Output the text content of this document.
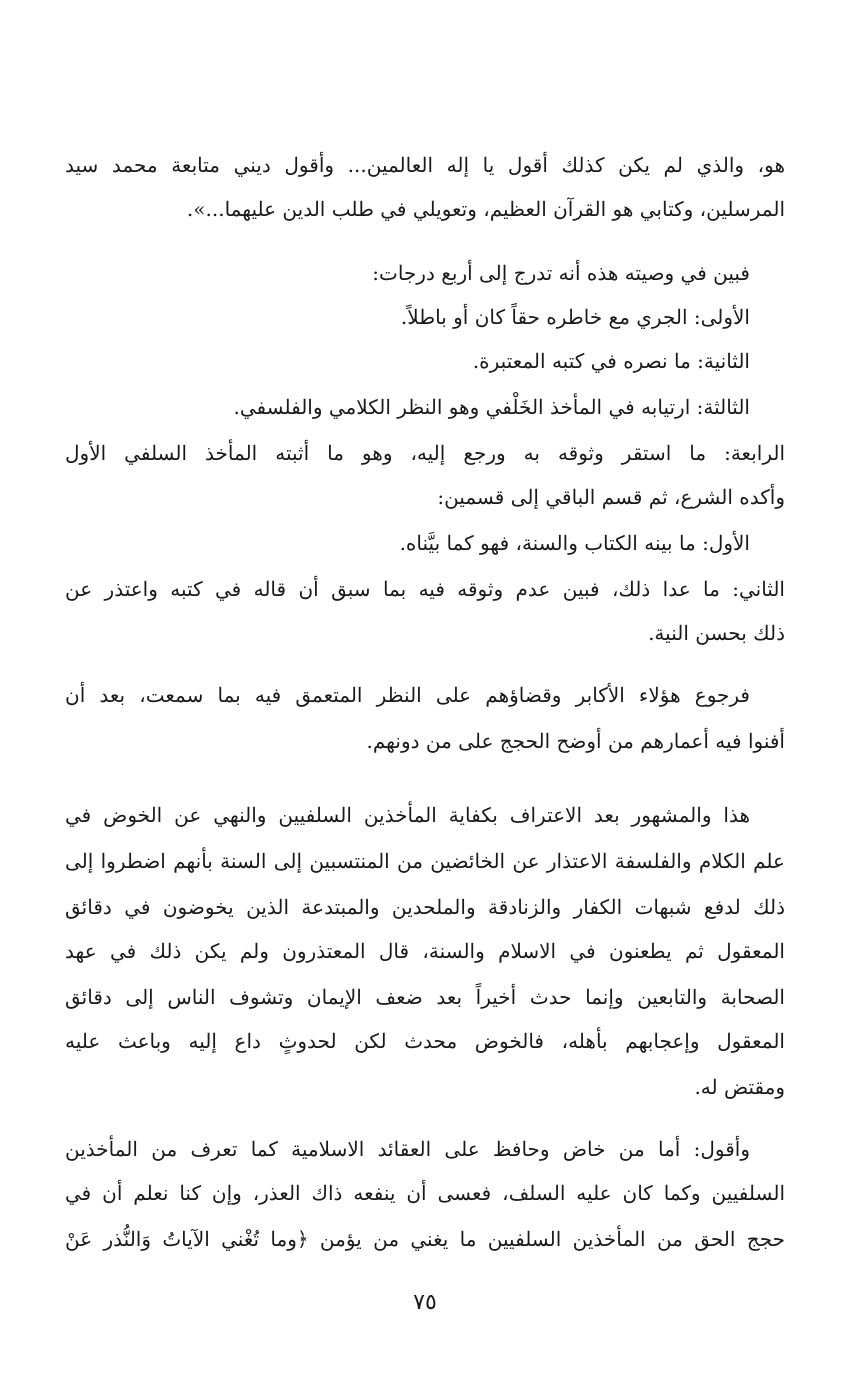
هو، والذي لم يكن كذلك أقول يا إله العالمين... وأقول ديني متابعة محمد سيد
المرسلين، وكتابي هو القرآن العظيم، وتعويلي في طلب الدين عليهما...».
فبين في وصيته هذه أنه تدرج إلى أربع درجات:
الأولى: الجري مع خاطره حقاً كان أو باطلاً.
الثانية: ما نصره في كتبه المعتبرة.
الثالثة: ارتيابه في المأخذ الخَلْفي وهو النظر الكلامي والفلسفي.
الرابعة: ما استقر وثوقه به ورجع إليه، وهو ما أثبته المأخذ السلفي الأول
وأكده الشرع، ثم قسم الباقي إلى قسمين:
الأول: ما بينه الكتاب والسنة، فهو كما بيَّناه.
الثاني: ما عدا ذلك، فبين عدم وثوقه فيه بما سبق أن قاله في كتبه واعتذر عن
ذلك بحسن النية.
فرجوع هؤلاء الأكابر وقضاؤهم على النظر المتعمق فيه بما سمعت، بعد أن
أفنوا فيه أعمارهم من أوضح الحجج على من دونهم.
هذا والمشهور بعد الاعتراف بكفاية المأخذين السلفيين والنهي عن الخوض في
علم الكلام والفلسفة الاعتذار عن الخائضين من المنتسبين إلى السنة بأنهم اضطروا إلى
ذلك لدفع شبهات الكفار والزنادقة والملحدين والمبتدعة الذين يخوضون في دقائق
المعقول ثم يطعنون في الاسلام والسنة، قال المعتذرون ولم يكن ذلك في عهد
الصحابة والتابعين وإنما حدث أخيراً بعد ضعف الإيمان وتشوف الناس إلى دقائق
المعقول وإعجابهم بأهله، فالخوض محدث لكن لحدوثٍ داع إليه وباعث عليه
ومقتض له.
وأقول: أما من خاض وحافظ على العقائد الاسلامية كما تعرف من المأخذين
السلفيين وكما كان عليه السلف، فعسى أن ينفعه ذاك العذر، وإن كنا نعلم أن في
حجج الحق من المأخذين السلفيين ما يغني من يؤمن ﴿وما تُغْني الآياتُ وَالنُّذر عَنْ
٧٥
